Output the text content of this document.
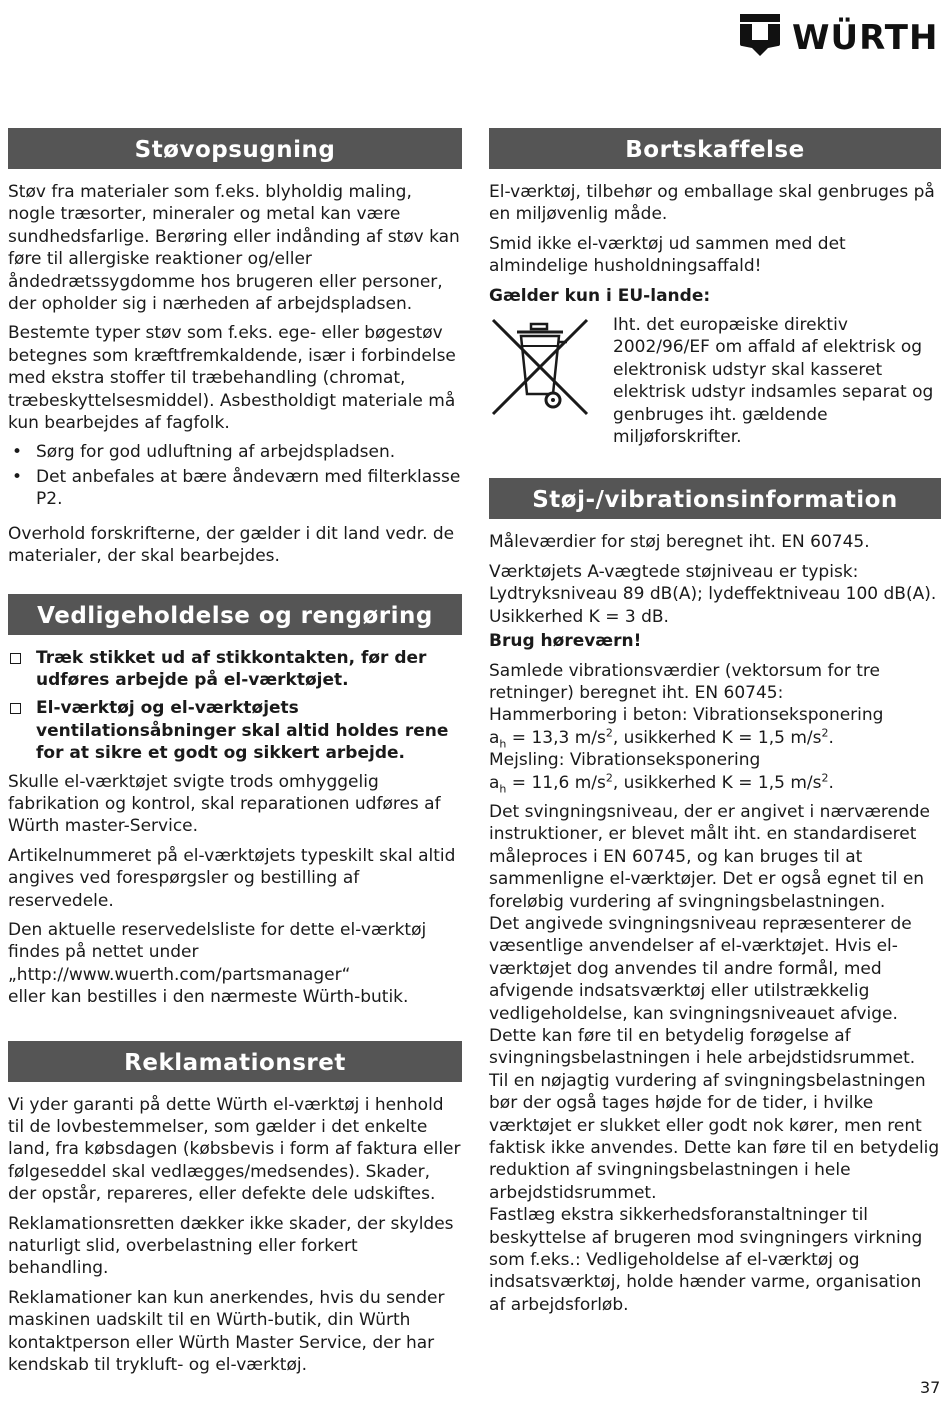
WÜRTH
Støvopsugning

Støv fra materialer som f.eks. blyholdig maling, nogle træsorter, mineraler og metal kan være sundhedsfarlige. Berøring eller indånding af støv kan føre til allergiske reaktioner og/eller åndedrætssygdomme hos brugeren eller personer, der opholder sig i nærheden af arbejdspladsen.

Bestemte typer støv som f.eks. ege- eller bøgestøv betegnes som kræftfremkaldende, især i forbindelse med ekstra stoffer til træbehandling (chromat, træbeskyttelsesmiddel). Asbestholdigt materiale må kun bearbejdes af fagfolk.

• Sørg for god udluftning af arbejdspladsen.
• Det anbefales at bære åndeværn med filterklasse P2.

Overhold forskrifterne, der gælder i dit land vedr. de materialer, der skal bearbejdes.

Vedligeholdelse og rengøring
Træk stikket ud af stikkontakten, før der udføres arbejde på el-værktøjet.
El-værktøj og el-værktøjets ventilationsåbninger skal altid holdes rene for at sikre et godt og sikkert arbejde.

Skulle el-værktøjet svigte trods omhyggelig fabrikation og kontrol, skal reparationen udføres af Würth master-Service.

Artikelnummeret på el-værktøjets typeskilt skal altid angives ved forespørgsler og bestilling af reservedele.

Den aktuelle reservedelsliste for dette el-værktøj findes på nettet under
„http://www.wuerth.com/partsmanager“
eller kan bestilles i den nærmeste Würth-butik.

Reklamationsret

Vi yder garanti på dette Würth el-værktøj i henhold til de lovbestemmelser, som gælder i det enkelte land, fra købsdagen (købsbevis i form af faktura eller følgeseddel skal vedlægges/medsendes). Skader, der opstår, repareres, eller defekte dele udskiftes.

Reklamationsretten dækker ikke skader, der skyldes naturligt slid, overbelastning eller forkert behandling.

Reklamationer kan kun anerkendes, hvis du sender maskinen uadskilt til en Würth-butik, din Würth kontaktperson eller Würth Master Service, der har kendskab til trykluft- og el-værktøj.

Bortskaffelse

El-værktøj, tilbehør og emballage skal genbruges på en miljøvenlig måde.

Smid ikke el-værktøj ud sammen med det almindelige husholdningsaffald!

Gælder kun i EU-lande:

Iht. det europæiske direktiv 2002/96/EF om affald af elektrisk og elektronisk udstyr skal kasseret elektrisk udstyr indsamles separat og genbruges iht. gældende miljøforskrifter.

Støj-/vibrationsinformation

Måleværdier for støj beregnet iht. EN 60745.

Værktøjets A-vægtede støjniveau er typisk: Lydtryksniveau 89 dB(A); lydeffektniveau 100 dB(A). Usikkerhed K = 3 dB.

Brug høreværn!

Samlede vibrationsværdier (vektorsum for tre retninger) beregnet iht. EN 60745:

Hammerboring i beton: Vibrationseksponering

$a_h = 13,3$ $m/s^2$, usikkerhed K = 1,5 $m/s^2$.

Mejsling: Vibrationseksponering

$a_h = 11,6$ $m/s^2$, usikkerhed K = 1,5 $m/s^2$.

Det svingningsniveau, der er angivet i nærværende instruktioner, er blevet målt iht. en standardiseret måleproces i EN 60745, og kan bruges til at sammenligne el-værktøjer. Det er også egnet til en foreløbig vurdering af svingningsbelastningen.

Det angivede svingningsniveau repræsenterer de væsentlige anvendelser af el-værktøjet. Hvis el-værktøjet dog anvendes til andre formål, med afvigende indsatsværktøj eller utilstrækkelig vedligeholdelse, kan svingningsniveauet afvige. Dette kan føre til en betydelig forøgelse af svingningsbelastningen i hele arbejdstidsrummet.

Til en nøjagtig vurdering af svingningsbelastningen bør der også tages højde for de tider, i hvilke værktøjet er slukket eller godt nok kører, men rent faktisk ikke anvendes. Dette kan føre til en betydelig reduktion af svingningsbelastningen i hele arbejdstidsrummet.

Fastlæg ekstra sikkerhedsforanstaltninger til beskyttelse af brugeren mod svingningers virkning som f.eks.: Vedligeholdelse af el-værktøj og indsatsværktøj, holde hænder varme, organisation af arbejdsforløb.

37
